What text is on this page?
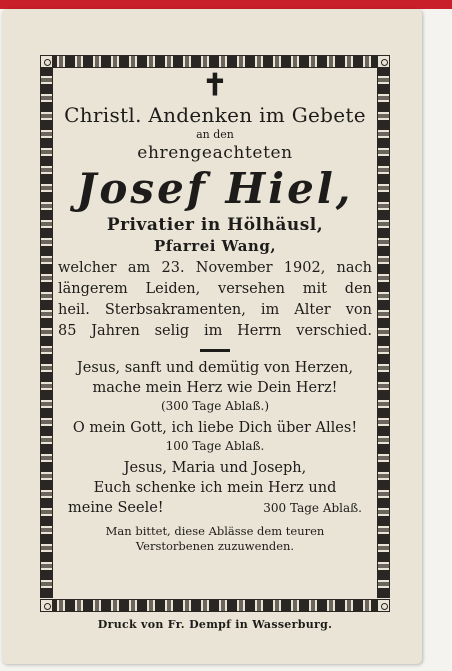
✝
Christl. Andenken im Gebete
an den
ehrengeachteten
Josef Hiel,
Privatier in Hölhäusl,
Pfarrei Wang,
welcher am 23. November 1902, nach
längerem Leiden, versehen mit den
heil. Sterbsakramenten, im Alter von
85 Jahren selig im Herrn verschied.
Jesus, sanft und demütig von Herzen,
mache mein Herz wie Dein Herz!
(300 Tage Ablaß.)
O mein Gott, ich liebe Dich über Alles!
100 Tage Ablaß.
Jesus, Maria und Joseph,
Euch schenke ich mein Herz und
meine Seele!	300 Tage Ablaß.
Man bittet, diese Ablässe dem teuren
Verstorbenen zuzuwenden.
Druck von Fr. Dempf in Wasserburg.
